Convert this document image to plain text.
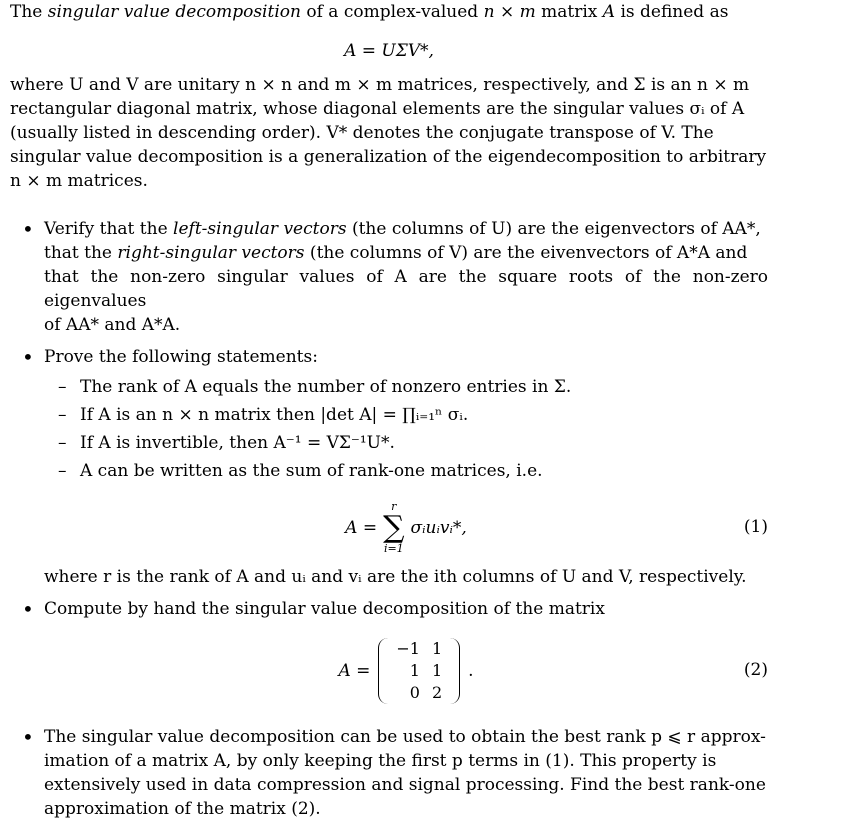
The singular value decomposition of a complex-valued n × m matrix A is defined as

A = UΣV*,

where U and V are unitary n × n and m × m matrices, respectively, and Σ is an n × m

rectangular diagonal matrix, whose diagonal elements are the singular values σᵢ of A

(usually listed in descending order). V* denotes the conjugate transpose of V. The

singular value decomposition is a generalization of the eigendecomposition to arbitrary

n × m matrices.

• Verify that the left-singular vectors (the columns of U) are the eigenvectors of AA*,

that the right-singular vectors (the columns of V) are the eivenvectors of A*A and

that the non-zero singular values of A are the square roots of the non-zero eigenvalues

of AA* and A*A.

• Prove the following statements:

– The rank of A equals the number of nonzero entries in Σ.
– If A is an n × n matrix then |det A| = ∏ᵢ₌₁ⁿ σᵢ.
– If A is invertible, then A⁻¹ = VΣ⁻¹U*.
– A can be written as the sum of rank-one matrices, i.e.
A =
r
∑
i=1
σᵢuᵢvᵢ*,	(1)

where r is the rank of A and uᵢ and vᵢ are the ith columns of U and V, respectively.

• Compute by hand the singular value decomposition of the matrix

A =
−1	1
1	1
0	2
.	(2)

• The singular value decomposition can be used to obtain the best rank p ⩽ r approx-

imation of a matrix A, by only keeping the first p terms in (1). This property is

extensively used in data compression and signal processing. Find the best rank-one

approximation of the matrix (2).
